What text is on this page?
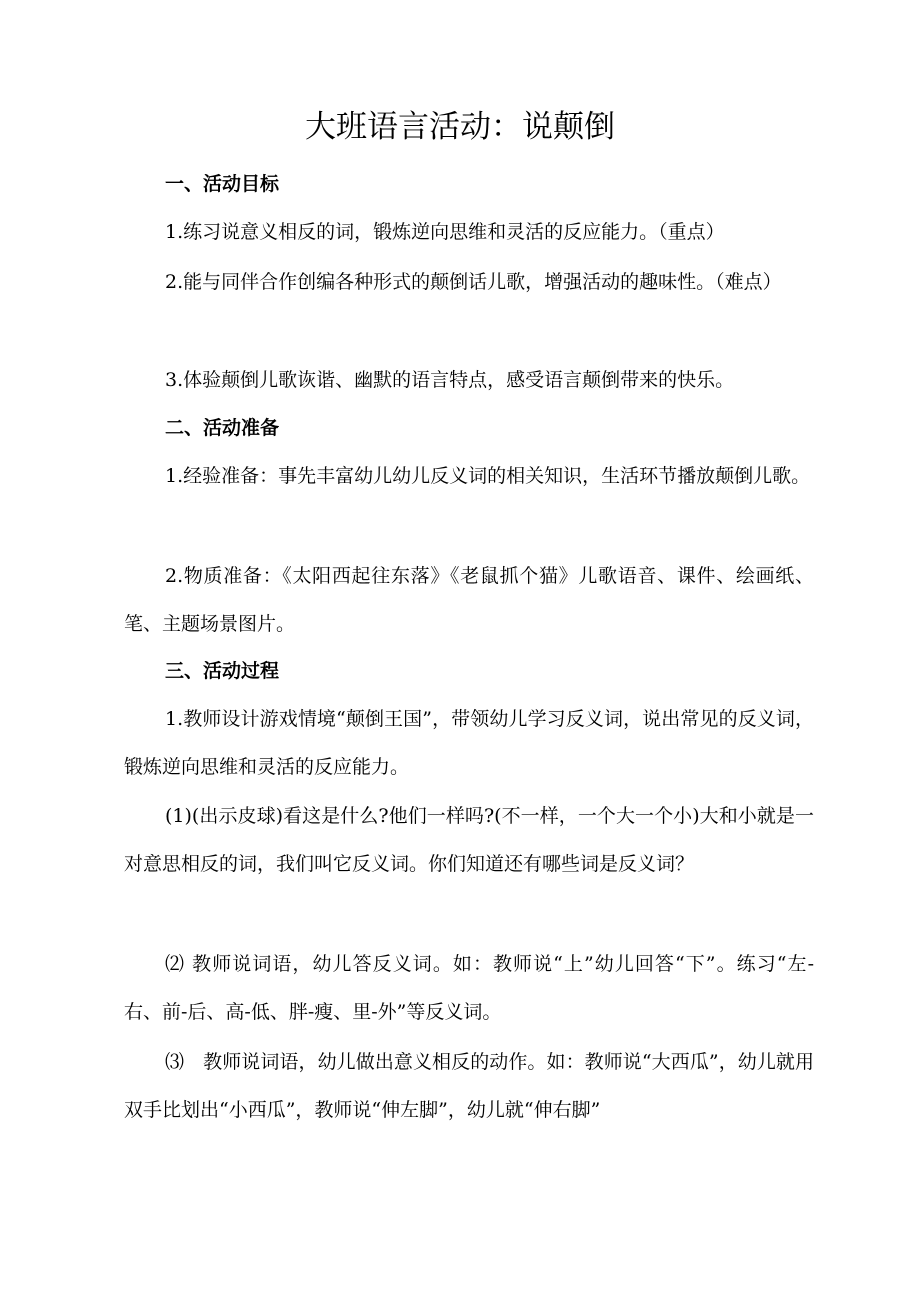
大班语言活动：说颠倒
一、活动目标

1.练习说意义相反的词，锻炼逆向思维和灵活的反应能力。（重点）

2.能与同伴合作创编各种形式的颠倒话儿歌，增强活动的趣味性。（难点）

3.体验颠倒儿歌诙谐、幽默的语言特点，感受语言颠倒带来的快乐。

二、活动准备

1.经验准备：事先丰富幼儿幼儿反义词的相关知识，生活环节播放颠倒儿歌。

2.物质准备：《太阳西起往东落》《老鼠抓个猫》儿歌语音、课件、绘画纸、笔、主题场景图片。

三、活动过程

1.教师设计游戏情境“颠倒王国”，带领幼儿学习反义词，说出常见的反义词，锻炼逆向思维和灵活的反应能力。

(1)(出示皮球)看这是什么?他们一样吗?(不一样，一个大一个小)大和小就是一对意思相反的词，我们叫它反义词。你们知道还有哪些词是反义词？

⑵ 教师说词语，幼儿答反义词。如：教师说“上”幼儿回答“下”。练习“左-右、前-后、高-低、胖-瘦、里-外”等反义词。

⑶　教师说词语，幼儿做出意义相反的动作。如：教师说“大西瓜”，幼儿就用双手比划出“小西瓜”，教师说“伸左脚”，幼儿就“伸右脚”
